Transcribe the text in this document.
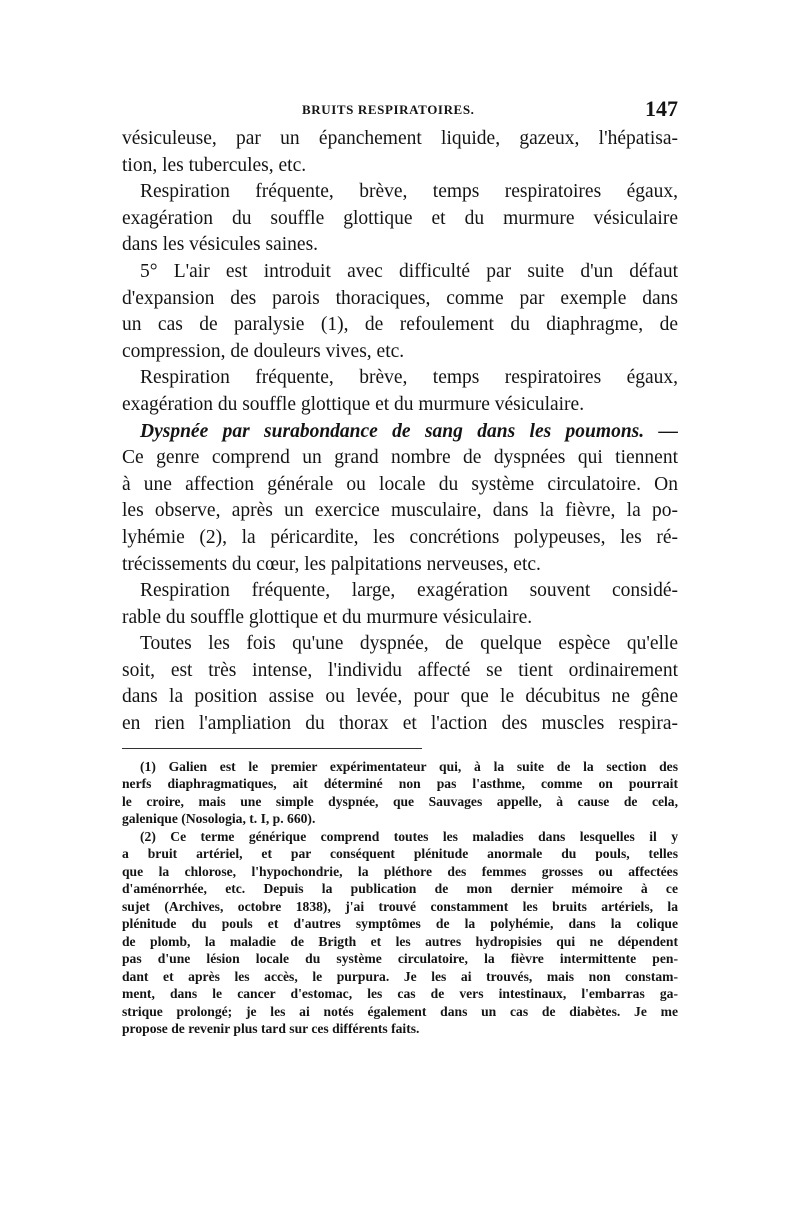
BRUITS RESPIRATOIRES.	147

vésiculeuse, par un épanchement liquide, gazeux, l'hépatisa-

tion, les tubercules, etc.

Respiration fréquente, brève, temps respiratoires égaux,

exagération du souffle glottique et du murmure vésiculaire

dans les vésicules saines.

5° L'air est introduit avec difficulté par suite d'un défaut

d'expansion des parois thoraciques, comme par exemple dans

un cas de paralysie (1), de refoulement du diaphragme, de

compression, de douleurs vives, etc.

Respiration fréquente, brève, temps respiratoires égaux,

exagération du souffle glottique et du murmure vésiculaire.

Dyspnée par surabondance de sang dans les poumons. —

Ce genre comprend un grand nombre de dyspnées qui tiennent

à une affection générale ou locale du système circulatoire. On

les observe, après un exercice musculaire, dans la fièvre, la po-

lyhémie (2), la péricardite, les concrétions polypeuses, les ré-

trécissements du cœur, les palpitations nerveuses, etc.

Respiration fréquente, large, exagération souvent considé-

rable du souffle glottique et du murmure vésiculaire.

Toutes les fois qu'une dyspnée, de quelque espèce qu'elle

soit, est très intense, l'individu affecté se tient ordinairement

dans la position assise ou levée, pour que le décubitus ne gêne

en rien l'ampliation du thorax et l'action des muscles respira-

(1) Galien est le premier expérimentateur qui, à la suite de la section des

nerfs diaphragmatiques, ait déterminé non pas l'asthme, comme on pourrait

le croire, mais une simple dyspnée, que Sauvages appelle, à cause de cela,

galenique (Nosologia, t. I, p. 660).

(2) Ce terme générique comprend toutes les maladies dans lesquelles il y

a bruit artériel, et par conséquent plénitude anormale du pouls, telles

que la chlorose, l'hypochondrie, la pléthore des femmes grosses ou affectées

d'aménorrhée, etc. Depuis la publication de mon dernier mémoire à ce

sujet (Archives, octobre 1838), j'ai trouvé constamment les bruits artériels, la

plénitude du pouls et d'autres symptômes de la polyhémie, dans la colique

de plomb, la maladie de Brigth et les autres hydropisies qui ne dépendent

pas d'une lésion locale du système circulatoire, la fièvre intermittente pen-

dant et après les accès, le purpura. Je les ai trouvés, mais non constam-

ment, dans le cancer d'estomac, les cas de vers intestinaux, l'embarras ga-

strique prolongé; je les ai notés également dans un cas de diabètes. Je me

propose de revenir plus tard sur ces différents faits.
